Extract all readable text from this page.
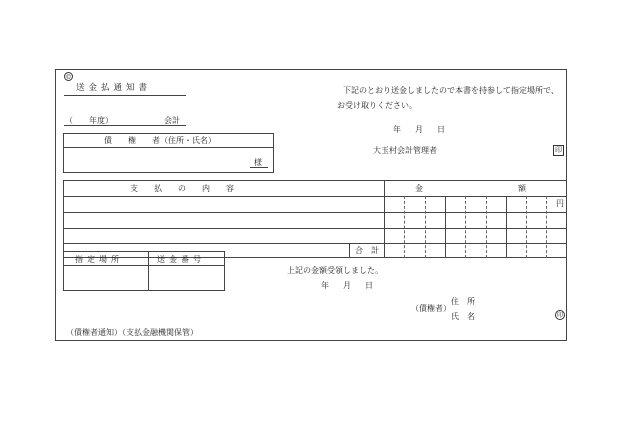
©
送金払通知書	下記のとおり送金しましたので本書を持参して指定場所で、
お受け取りください。
年　月　日
（　　年度）	会計
債　　権　　者（住所・氏名）
様
大玉村会計管理者	印
支　　払　　の　　内　　容	金	額
円
合　計
指定場所	送金番号
上記の金額受領しました。
年　月　日
住　所
（債権者）
氏　名	印
（債権者通知）（支払金融機関保管）
